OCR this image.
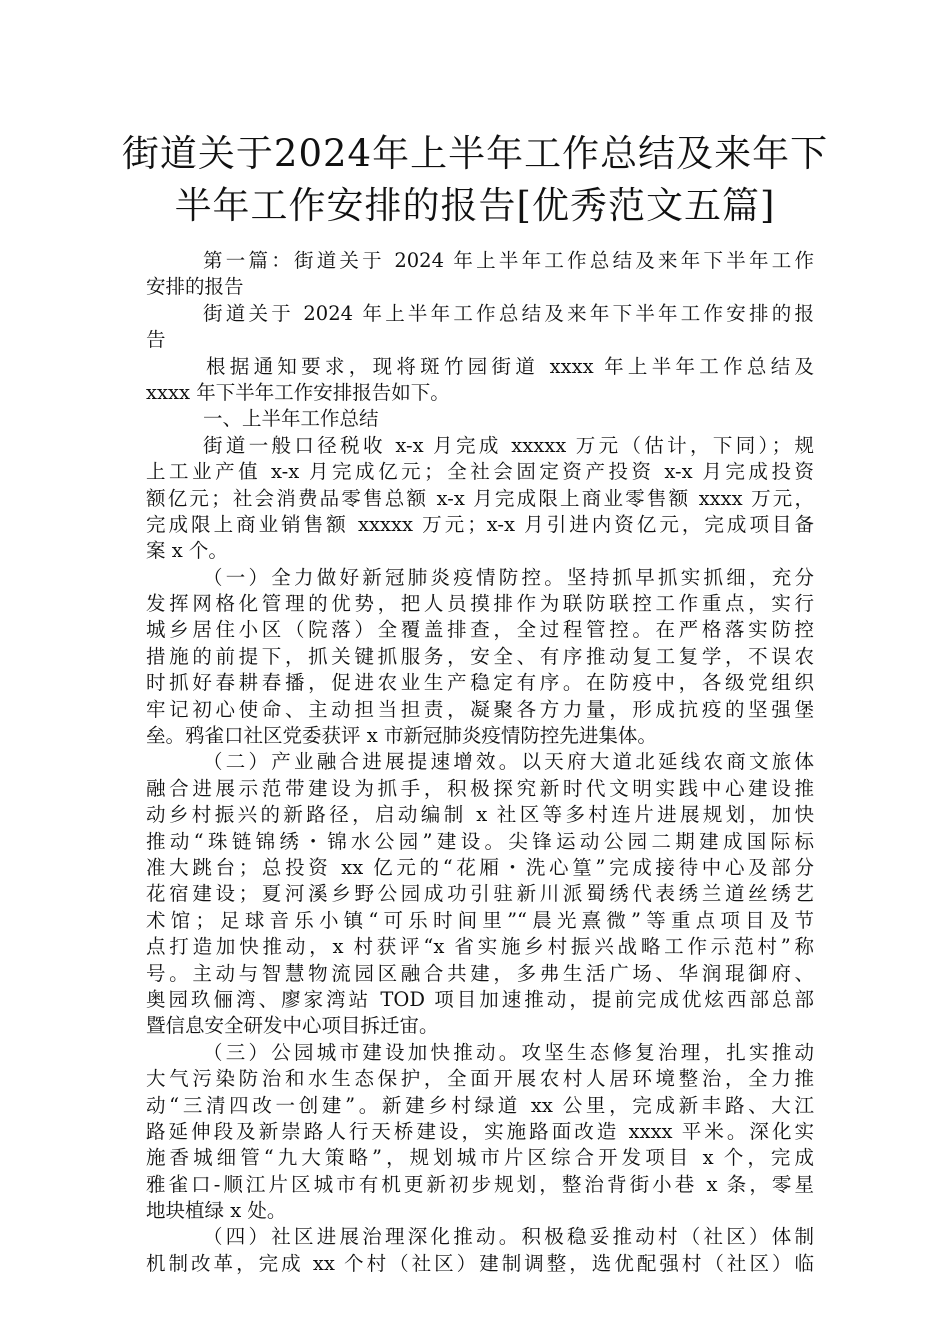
街道关于2024年上半年工作总结及来年下
半年工作安排的报告[优秀范文五篇]
第一篇：街道关于 2024 年上半年工作总结及来年下半年工作
安排的报告
街道关于 2024 年上半年工作总结及来年下半年工作安排的报
告
根据通知要求，现将斑竹园街道 xxxx 年上半年工作总结及
xxxx 年下半年工作安排报告如下。
一、上半年工作总结
街道一般口径税收 x-x 月完成 xxxxx 万元（估计，下同）；规
上工业产值 x-x 月完成亿元；全社会固定资产投资 x-x 月完成投资
额亿元；社会消费品零售总额 x-x 月完成限上商业零售额 xxxx 万元，
完成限上商业销售额 xxxxx 万元；x-x 月引进内资亿元，完成项目备
案 x 个。
（一）全力做好新冠肺炎疫情防控。坚持抓早抓实抓细，充分
发挥网格化管理的优势，把人员摸排作为联防联控工作重点，实行
城乡居住小区（院落）全覆盖排查，全过程管控。在严格落实防控
措施的前提下，抓关键抓服务，安全、有序推动复工复学，不误农
时抓好春耕春播，促进农业生产稳定有序。在防疫中，各级党组织
牢记初心使命、主动担当担责，凝聚各方力量，形成抗疫的坚强堡
垒。鸦雀口社区党委获评 x 市新冠肺炎疫情防控先进集体。
（二）产业融合进展提速增效。以天府大道北延线农商文旅体
融合进展示范带建设为抓手，积极探究新时代文明实践中心建设推
动乡村振兴的新路径，启动编制 x 社区等多村连片进展规划，加快
推动“珠链锦绣・锦水公园”建设。尖锋运动公园二期建成国际标
准大跳台；总投资 xx 亿元的“花厢・洗心篁”完成接待中心及部分
花宿建设；夏河溪乡野公园成功引驻新川派蜀绣代表绣兰道丝绣艺
术馆；足球音乐小镇“可乐时间里”“晨光熹微”等重点项目及节
点打造加快推动，x 村获评“x 省实施乡村振兴战略工作示范村”称
号。主动与智慧物流园区融合共建，多弗生活广场、华润琨御府、
奥园玖俪湾、廖家湾站 TOD 项目加速推动，提前完成优炫西部总部
暨信息安全研发中心项目拆迁宙。
（三）公园城市建设加快推动。攻坚生态修复治理，扎实推动
大气污染防治和水生态保护，全面开展农村人居环境整治，全力推
动“三清四改一创建”。新建乡村绿道 xx 公里，完成新丰路、大江
路延伸段及新崇路人行天桥建设，实施路面改造 xxxx 平米。深化实
施香城细管“九大策略”，规划城市片区综合开发项目 x 个，完成
雅雀口-顺江片区城市有机更新初步规划，整治背街小巷 x 条，零星
地块植绿 x 处。
（四）社区进展治理深化推动。积极稳妥推动村（社区）体制
机制改革，完成 xx 个村（社区）建制调整，选优配强村（社区）临
